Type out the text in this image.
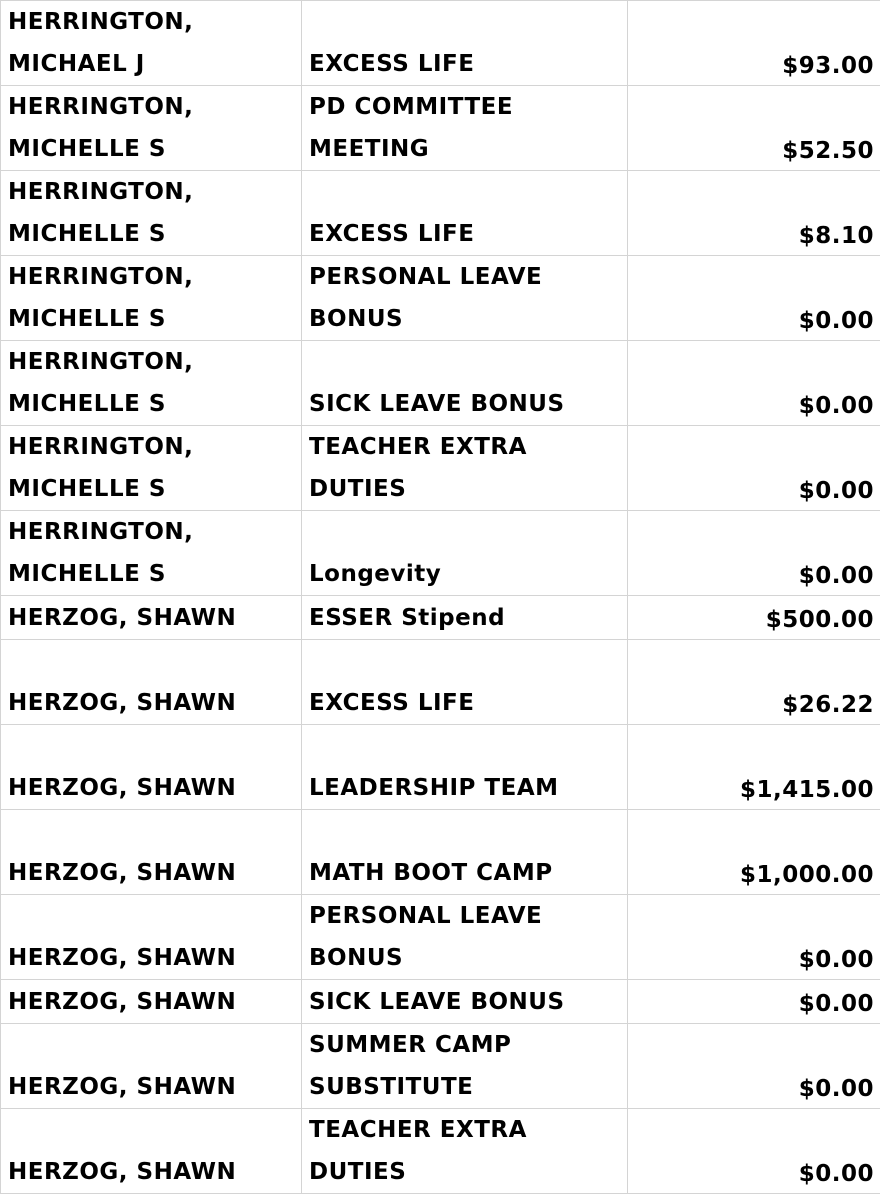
HERRINGTON,
MICHAEL J	EXCESS LIFE	$93.00

HERRINGTON,
MICHELLE S	PD COMMITTEE
MEETING	$52.50

HERRINGTON,
MICHELLE S	EXCESS LIFE	$8.10

HERRINGTON,
MICHELLE S	PERSONAL LEAVE
BONUS	$0.00

HERRINGTON,
MICHELLE S	SICK LEAVE BONUS	$0.00

HERRINGTON,
MICHELLE S	TEACHER EXTRA
DUTIES	$0.00

HERRINGTON,
MICHELLE S	Longevity	$0.00

HERZOG, SHAWN	ESSER Stipend	$500.00

HERZOG, SHAWN	EXCESS LIFE	$26.22

HERZOG, SHAWN	LEADERSHIP TEAM	$1,415.00

HERZOG, SHAWN	MATH BOOT CAMP	$1,000.00

HERZOG, SHAWN	PERSONAL LEAVE
BONUS	$0.00

HERZOG, SHAWN	SICK LEAVE BONUS	$0.00

HERZOG, SHAWN	SUMMER CAMP
SUBSTITUTE	$0.00

HERZOG, SHAWN	TEACHER EXTRA
DUTIES	$0.00
